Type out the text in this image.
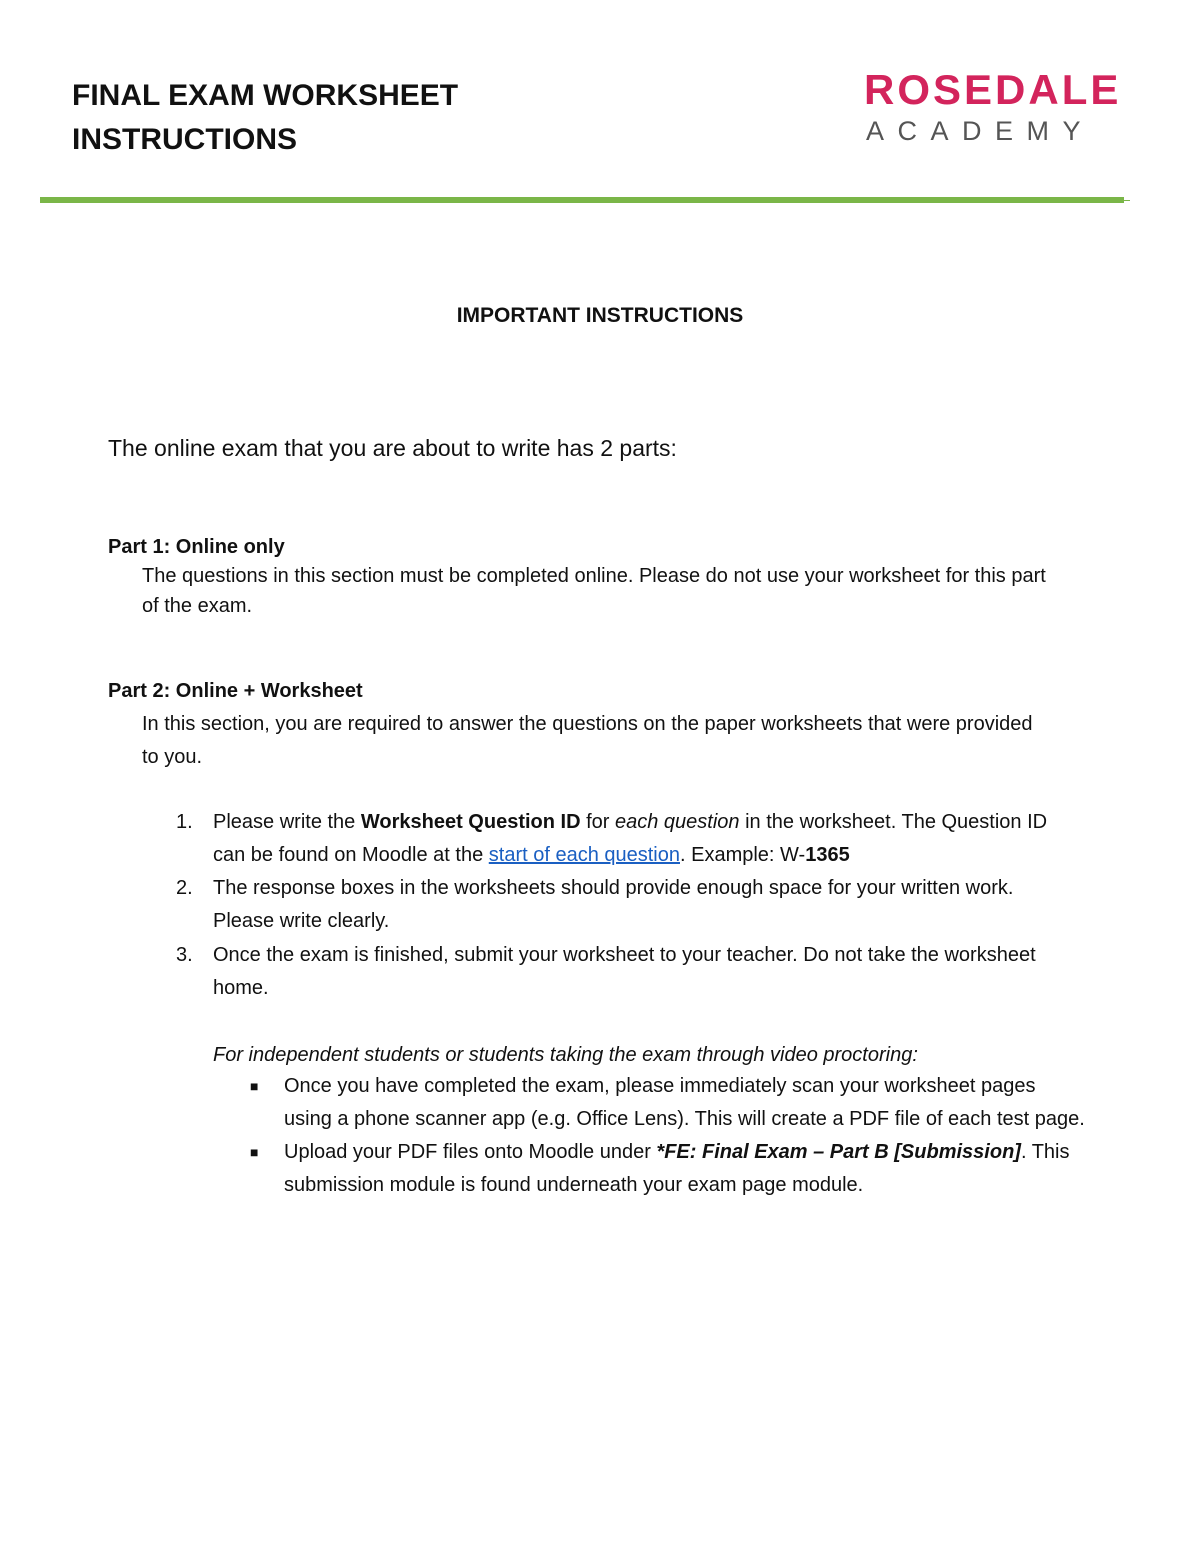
FINAL EXAM WORKSHEET
INSTRUCTIONS
ROSEDALE
ACADEMY
IMPORTANT INSTRUCTIONS
The online exam that you are about to write has 2 parts:
Part 1: Online only
The questions in this section must be completed online. Please do not use your worksheet for this part
of the exam.
Part 2: Online + Worksheet
In this section, you are required to answer the questions on the paper worksheets that were provided
to you.
1.	Please write the Worksheet Question ID for each question in the worksheet. The Question ID
can be found on Moodle at the start of each question. Example: W-1365
2.	The response boxes in the worksheets should provide enough space for your written work.
Please write clearly.
3.	Once the exam is finished, submit your worksheet to your teacher. Do not take the worksheet
home.
For independent students or students taking the exam through video proctoring:
■ Once you have completed the exam, please immediately scan your worksheet pages
using a phone scanner app (e.g. Office Lens). This will create a PDF file of each test page.
■ Upload your PDF files onto Moodle under *FE: Final Exam – Part B [Submission]. This
submission module is found underneath your exam page module.
